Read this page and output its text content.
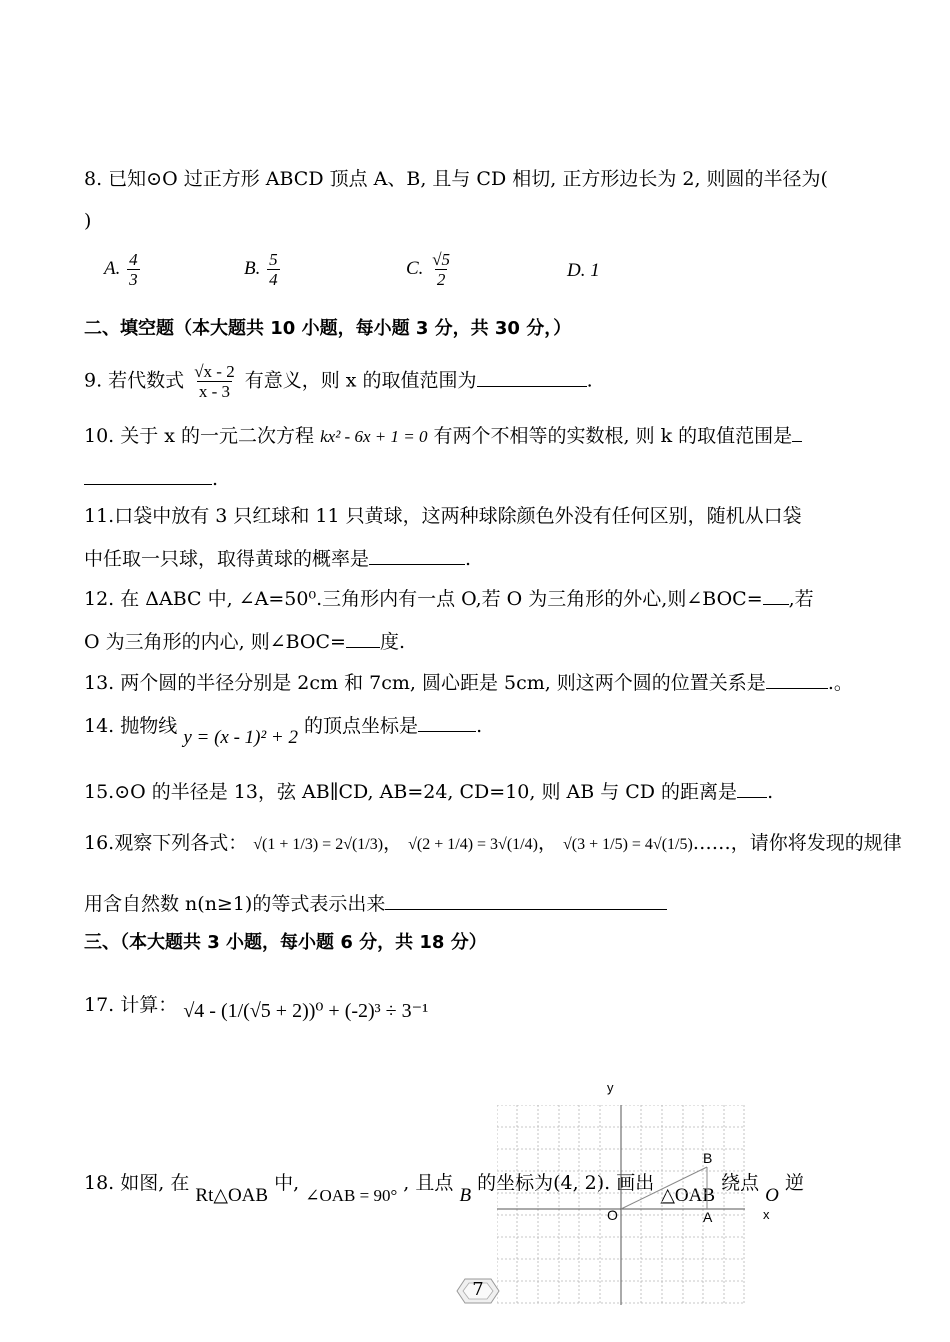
8. 已知⊙O 过正方形 ABCD 顶点 A、B, 且与 CD 相切, 正方形边长为 2, 则圆的半径为(
)
A. $\frac{4}{3}$	B. $\frac{5}{4}$	C. $\frac{√5}{2}$	D. 1
二、填空题（本大题共 10 小题，每小题 3 分，共 30 分，）
9. 若代数式 $\frac{√x - 2}{x - 3}$ 有意义，则 x 的取值范围为	.
10. 关于 x 的一元二次方程 kx² - 6x + 1 = 0 有两个不相等的实数根, 则 k 的取值范围是
.
11.口袋中放有 3 只红球和 11 只黄球，这两种球除颜色外没有任何区别，随机从口袋
中任取一只球，取得黄球的概率是	.
12. 在 ΔABC 中, ∠A=50⁰.三角形内有一点 O,若 O 为三角形的外心,则∠BOC= ,若
O 为三角形的内心, 则∠BOC= 度.
13. 两个圆的半径分别是 2cm 和 7cm, 圆心距是 5cm, 则这两个圆的位置关系是	.。
14. 抛物线 y = (x - 1)² + 2 的顶点坐标是	.
15.⊙O 的半径是 13，弦 AB∥CD, AB=24, CD=10, 则 AB 与 CD 的距离是 .
16.观察下列各式： √(1 + 1/3) = 2√(1/3)， √(2 + 1/4) = 3√(1/4)， √(3 + 1/5) = 4√(1/5)……，请你将发现的规律
用含自然数 n(n≥1)的等式表示出来
三、（本大题共 3 小题，每小题 6 分，共 18 分）
17. 计算： √4 - (1/(√5 + 2))⁰ + (-2)³ ÷ 3⁻¹
18. 如图, 在 Rt△OAB 中, ∠OAB = 90° , 且点 B 的坐标为(4, 2). 画出 △OAB 绕点 O 逆
y
x
O	A
B
7
